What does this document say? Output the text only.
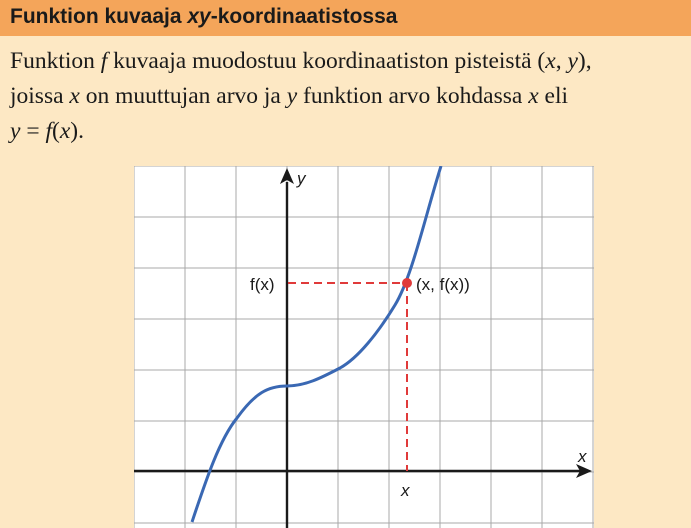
Funktion kuvaaja xy-koordinaatistossa
Funktion f kuvaaja muodostuu koordinaatiston pisteistä (x, y),
joissa x on muuttujan arvo ja y funktion arvo kohdassa x eli
y = f(x).
y
x
(x, f(x))
f(x)
x
